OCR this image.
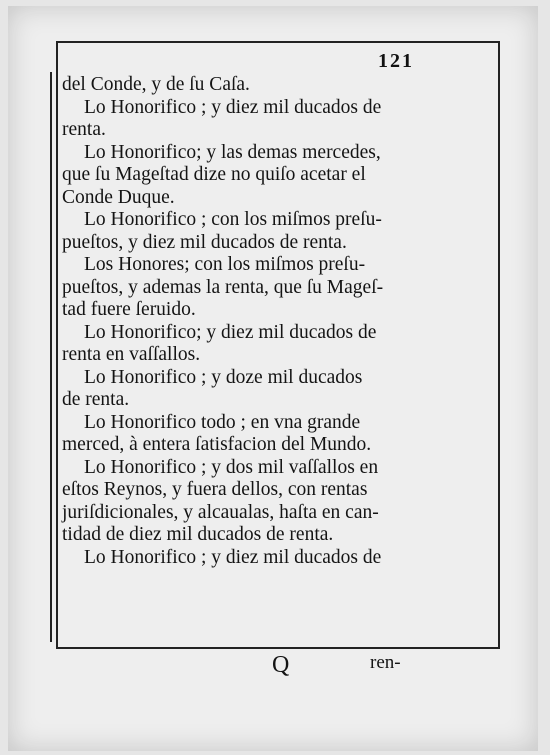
121
del Conde, y de ſu Caſa.
Lo Honorifico ; y diez mil ducados de
renta.
Lo Honorifico; y las demas mercedes,
que ſu Mageſtad dize no quiſo acetar el
Conde Duque.
Lo Honorifico ; con los miſmos preſu-
pueſtos, y diez mil ducados de renta.
Los Honores; con los miſmos preſu-
pueſtos, y ademas la renta, que ſu Mageſ-
tad fuere ſeruido.
Lo Honorifico; y diez mil ducados de
renta en vaſſallos.
Lo Honorifico ; y doze mil ducados
de renta.
Lo Honorifico todo ; en vna grande
merced, à entera ſatisfacion del Mundo.
Lo Honorifico ; y dos mil vaſſallos en
eſtos Reynos, y fuera dellos, con rentas
juriſdicionales, y alcaualas, haſta en can-
tidad de diez mil ducados de renta.
Lo Honorifico ; y diez mil ducados de
Q	ren-
